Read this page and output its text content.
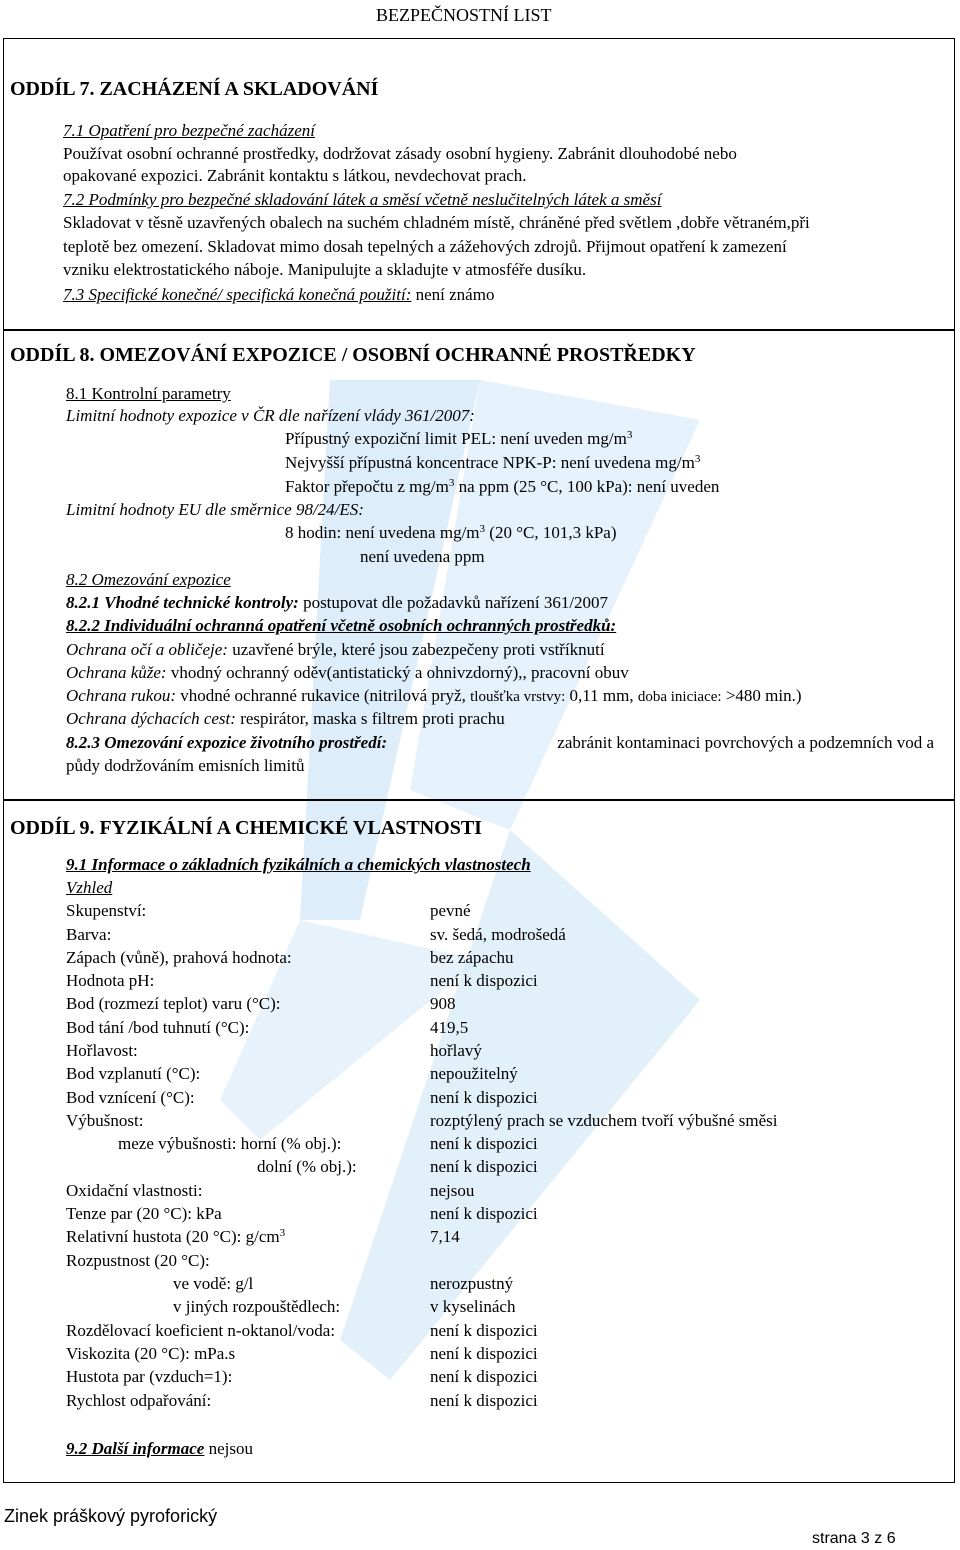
BEZPEČNOSTNÍ LIST
ODDÍL 7. ZACHÁZENÍ A SKLADOVÁNÍ
7.1 Opatření pro bezpečné zacházení
Používat osobní ochranné prostředky, dodržovat zásady osobní hygieny. Zabránit dlouhodobé nebo
opakované expozici. Zabránit kontaktu s látkou, nevdechovat prach.
7.2 Podmínky pro bezpečné skladování látek a směsí včetně neslučitelných látek a směsí
Skladovat v těsně uzavřených obalech na suchém chladném místě, chráněné před světlem ,dobře větraném,při
teplotě bez omezení. Skladovat mimo dosah tepelných a zážehových zdrojů. Přijmout opatření k zamezení
vzniku elektrostatického náboje. Manipulujte a skladujte v atmosféře dusíku.
7.3 Specifické konečné/ specifická konečná použití: není známo
ODDÍL 8. OMEZOVÁNÍ EXPOZICE / OSOBNÍ OCHRANNÉ PROSTŘEDKY
8.1 Kontrolní parametry
Limitní hodnoty expozice v ČR dle nařízení vlády 361/2007:
Přípustný expoziční limit PEL: není uveden $mg/m^3$
Nejvyšší přípustná koncentrace NPK-P: není uvedena $mg/m^3$
Faktor přepočtu z $mg/m^3$ na ppm (25 °C, 100 kPa): není uveden
Limitní hodnoty EU dle směrnice 98/24/ES:
8 hodin: není uvedena $mg/m^3$ (20 °C, 101,3 kPa)
není uvedena ppm
8.2 Omezování expozice
8.2.1 Vhodné technické kontroly: postupovat dle požadavků nařízení 361/2007
8.2.2 Individuální ochranná opatření včetně osobních ochranných prostředků:
Ochrana očí a obličeje: uzavřené brýle, které jsou zabezpečeny proti vstříknutí
Ochrana kůže: vhodný ochranný oděv(antistatický a ohnivzdorný),, pracovní obuv
Ochrana rukou: vhodné ochranné rukavice (nitrilová pryž, tloušťka vrstvy: 0,11 mm, doba iniciace: >480 min.)
Ochrana dýchacích cest: respirátor, maska s filtrem proti prachu
8.2.3 Omezování expozice životního prostředí:	zabránit kontaminaci povrchových a podzemních vod a
půdy dodržováním emisních limitů
ODDÍL 9. FYZIKÁLNÍ A CHEMICKÉ VLASTNOSTI
9.1 Informace o základních fyzikálních a chemických vlastnostech
Vzhled
Skupenství:	pevné
Barva:	sv. šedá, modrošedá
Zápach (vůně), prahová hodnota:	bez zápachu
Hodnota pH:	není k dispozici
Bod (rozmezí teplot) varu (°C):	908
Bod tání /bod tuhnutí (°C):	419,5
Hořlavost:	hořlavý
Bod vzplanutí (°C):	nepoužitelný
Bod vznícení (°C):	není k dispozici
Výbušnost:	rozptýlený prach se vzduchem tvoří výbušné směsi
meze výbušnosti: horní (% obj.):	není k dispozici
dolní (% obj.):	není k dispozici
Oxidační vlastnosti:	nejsou
Tenze par (20 °C): kPa	není k dispozici
Relativní hustota (20 °C): $g/cm^3$	7,14
Rozpustnost (20 °C):
ve vodě: g/l	nerozpustný
v jiných rozpouštědlech:	v kyselinách
Rozdělovací koeficient n-oktanol/voda:	není k dispozici
Viskozita (20 °C): mPa.s	není k dispozici
Hustota par (vzduch=1):	není k dispozici
Rychlost odpařování:	není k dispozici
9.2 Další informace nejsou
Zinek práškový pyroforický
strana 3 z 6
